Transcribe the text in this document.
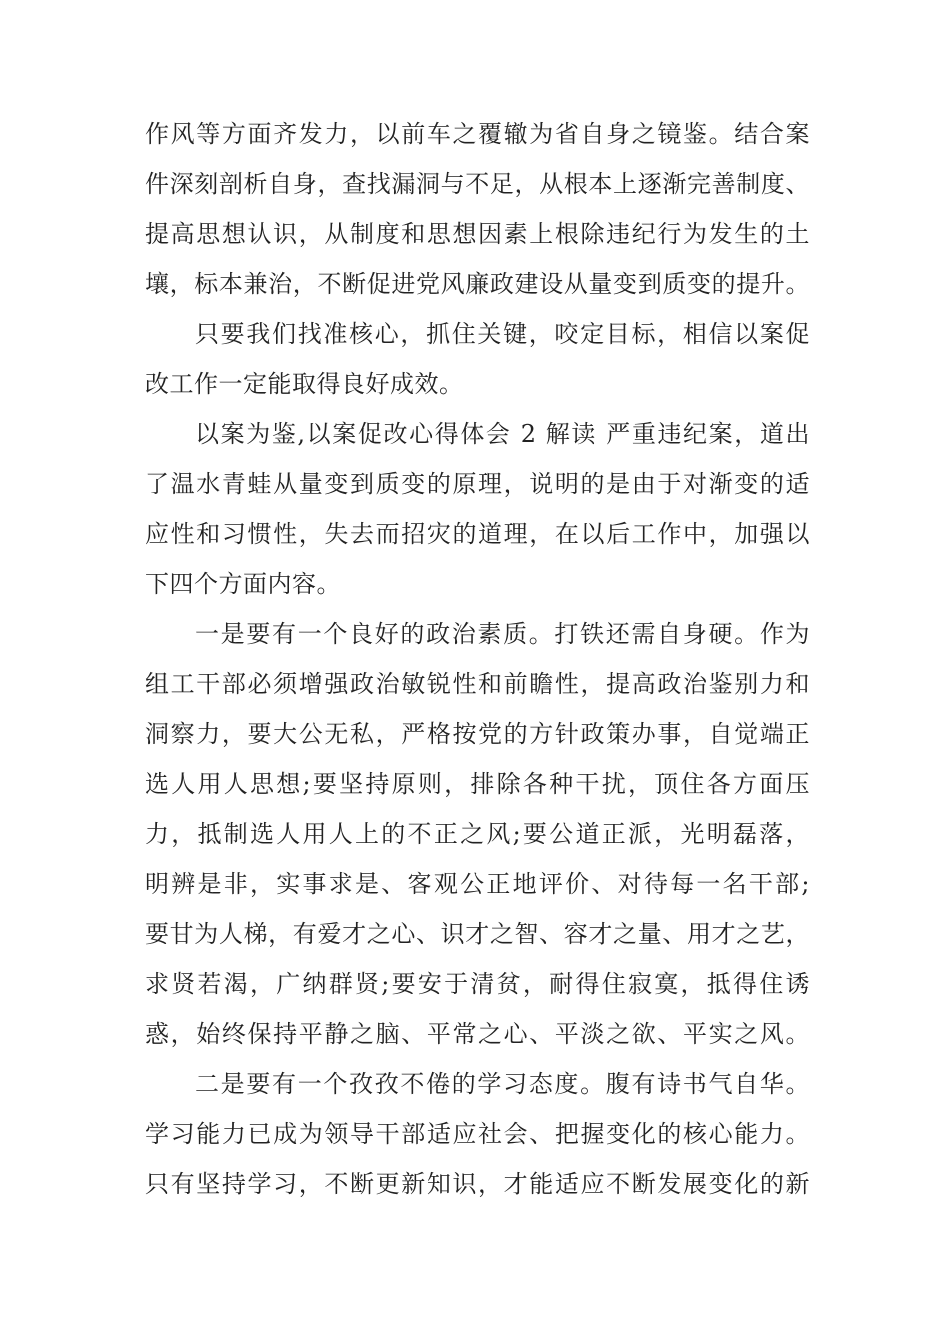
作风等方面齐发力，以前车之覆辙为省自身之镜鉴。结合案
件深刻剖析自身，查找漏洞与不足，从根本上逐渐完善制度、
提高思想认识，从制度和思想因素上根除违纪行为发生的土
壤，标本兼治，不断促进党风廉政建设从量变到质变的提升。
只要我们找准核心，抓住关键，咬定目标，相信以案促
改工作一定能取得良好成效。
以案为鉴,以案促改心得体会 2 解读 严重违纪案，道出
了温水青蛙从量变到质变的原理，说明的是由于对渐变的适
应性和习惯性，失去而招灾的道理，在以后工作中，加强以
下四个方面内容。
一是要有一个良好的政治素质。打铁还需自身硬。作为
组工干部必须增强政治敏锐性和前瞻性，提高政治鉴别力和
洞察力，要大公无私，严格按党的方针政策办事，自觉端正
选人用人思想;要坚持原则，排除各种干扰，顶住各方面压
力，抵制选人用人上的不正之风;要公道正派，光明磊落，
明辨是非，实事求是、客观公正地评价、对待每一名干部;
要甘为人梯，有爱才之心、识才之智、容才之量、用才之艺，
求贤若渴，广纳群贤;要安于清贫，耐得住寂寞，抵得住诱
惑，始终保持平静之脑、平常之心、平淡之欲、平实之风。
二是要有一个孜孜不倦的学习态度。腹有诗书气自华。
学习能力已成为领导干部适应社会、把握变化的核心能力。
只有坚持学习，不断更新知识，才能适应不断发展变化的新
